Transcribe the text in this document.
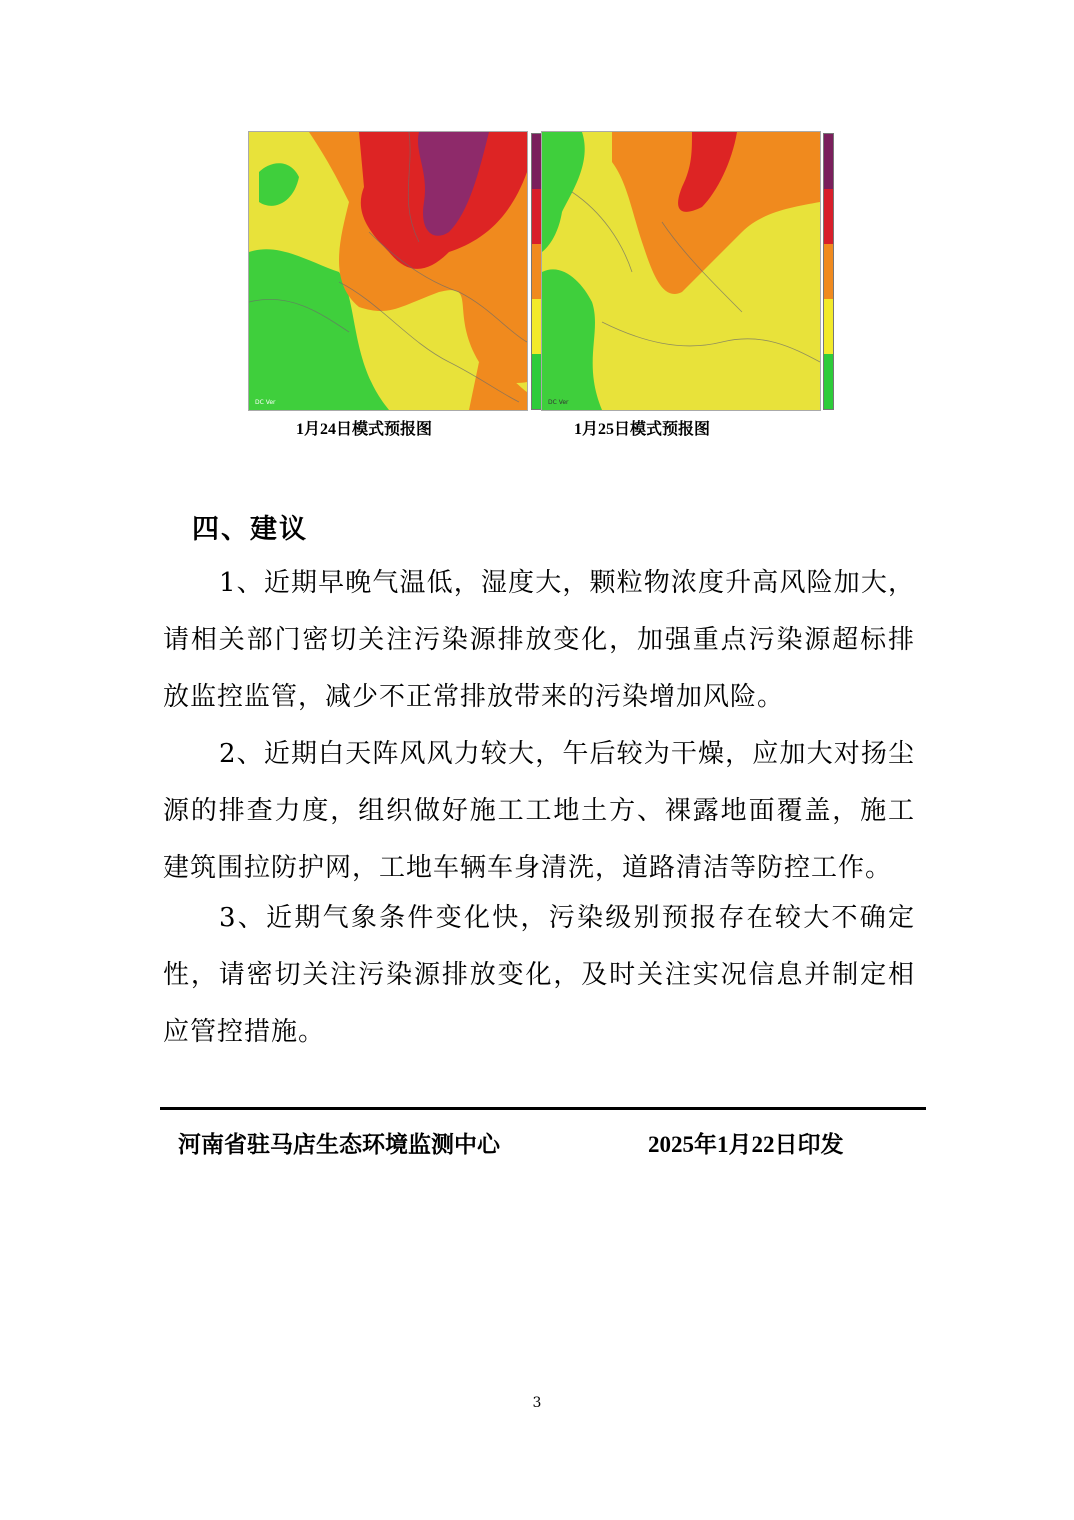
DC Ver	DC Ver
1月24日模式预报图	1月25日模式预报图
四、建议

1、近期早晚气温低，湿度大，颗粒物浓度升高风险加大，请相关部门密切关注污染源排放变化，加强重点污染源超标排放监控监管，减少不正常排放带来的污染增加风险。

2、近期白天阵风风力较大，午后较为干燥，应加大对扬尘源的排查力度，组织做好施工工地土方、裸露地面覆盖，施工建筑围拉防护网，工地车辆车身清洗，道路清洁等防控工作。

3、近期气象条件变化快，污染级别预报存在较大不确定性，请密切关注污染源排放变化，及时关注实况信息并制定相应管控措施。

河南省驻马店生态环境监测中心	2025年1月22日印发
3
